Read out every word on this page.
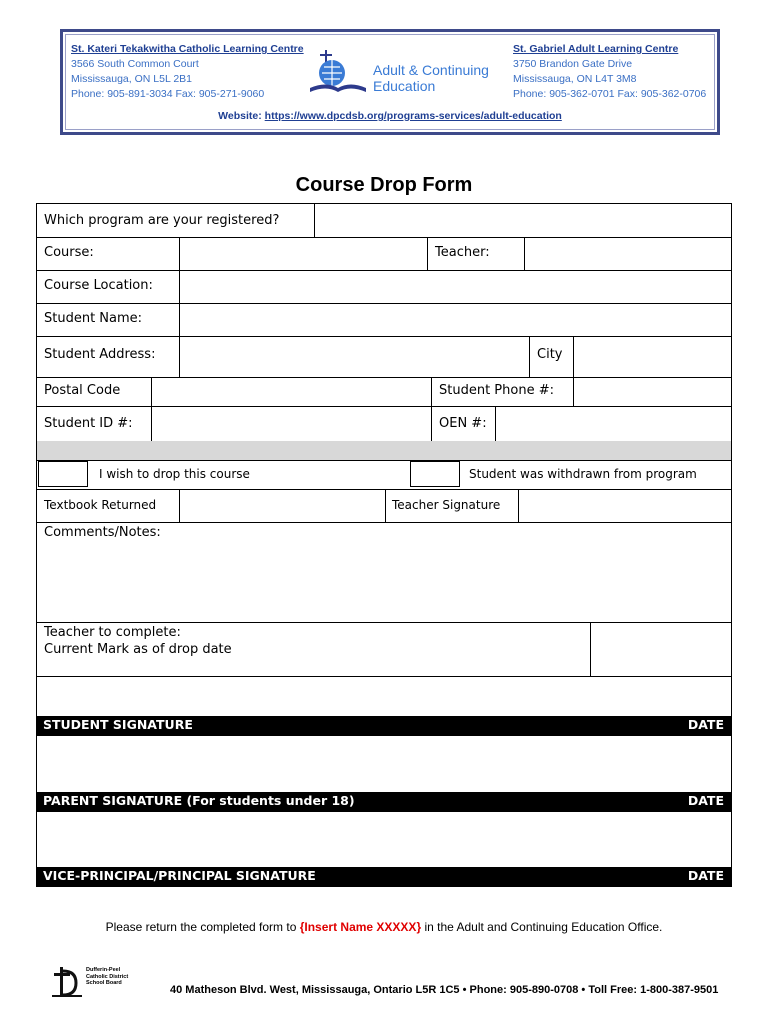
St. Kateri Tekakwitha Catholic Learning Centre
3566 South Common Court
Mississauga, ON L5L 2B1
Phone: 905-891-3034 Fax: 905-271-9060
Adult & Continuing
Education
St. Gabriel Adult Learning Centre
3750 Brandon Gate Drive
Mississauga, ON L4T 3M8
Phone: 905-362-0701 Fax: 905-362-0706
Website: https://www.dpcdsb.org/programs-services/adult-education
Course Drop Form
Which program are your registered?
Course:	Teacher:
Course Location:
Student Name:
Student Address:	City
Postal Code	Student Phone #:
Student ID #:	OEN #:
I wish to drop this course	Student was withdrawn from program
Textbook Returned	Teacher Signature
Comments/Notes:
Teacher to complete:
Current Mark as of drop date
STUDENT SIGNATURE	DATE
PARENT SIGNATURE (For students under 18)	DATE
VICE-PRINCIPAL/PRINCIPAL SIGNATURE	DATE
Please return the completed form to {Insert Name XXXXX} in the Adult and Continuing Education Office.
Dufferin-Peel
Catholic District
School Board
40 Matheson Blvd. West, Mississauga, Ontario L5R 1C5 • Phone: 905-890-0708 • Toll Free: 1-800-387-9501
